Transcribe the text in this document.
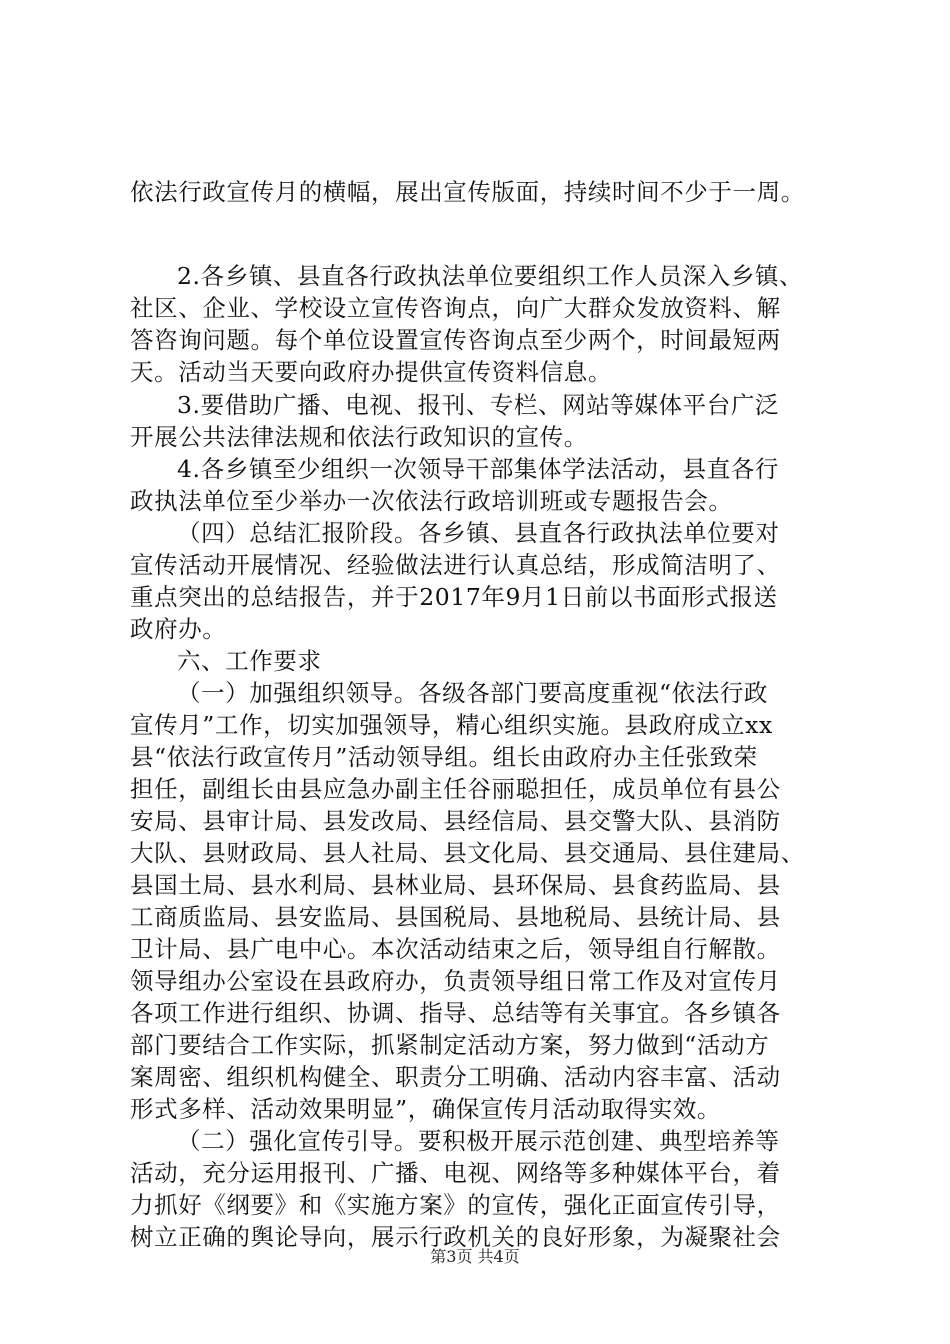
依法行政宣传月的横幅，展出宣传版面，持续时间不少于一周。
2.各乡镇、县直各行政执法单位要组织工作人员深入乡镇、
社区、企业、学校设立宣传咨询点，向广大群众发放资料、解
答咨询问题。每个单位设置宣传咨询点至少两个，时间最短两
天。活动当天要向政府办提供宣传资料信息。
3.要借助广播、电视、报刊、专栏、网站等媒体平台广泛
开展公共法律法规和依法行政知识的宣传。
4.各乡镇至少组织一次领导干部集体学法活动，县直各行
政执法单位至少举办一次依法行政培训班或专题报告会。
（四）总结汇报阶段。各乡镇、县直各行政执法单位要对
宣传活动开展情况、经验做法进行认真总结，形成简洁明了、
重点突出的总结报告，并于2017年9月1日前以书面形式报送
政府办。
六、工作要求
（一）加强组织领导。各级各部门要高度重视“依法行政
宣传月”工作，切实加强领导，精心组织实施。县政府成立xx
县“依法行政宣传月”活动领导组。组长由政府办主任张致荣
担任，副组长由县应急办副主任谷丽聪担任，成员单位有县公
安局、县审计局、县发改局、县经信局、县交警大队、县消防
大队、县财政局、县人社局、县文化局、县交通局、县住建局、
县国土局、县水利局、县林业局、县环保局、县食药监局、县
工商质监局、县安监局、县国税局、县地税局、县统计局、县
卫计局、县广电中心。本次活动结束之后，领导组自行解散。
领导组办公室设在县政府办，负责领导组日常工作及对宣传月
各项工作进行组织、协调、指导、总结等有关事宜。各乡镇各
部门要结合工作实际，抓紧制定活动方案，努力做到“活动方
案周密、组织机构健全、职责分工明确、活动内容丰富、活动
形式多样、活动效果明显”，确保宣传月活动取得实效。
（二）强化宣传引导。要积极开展示范创建、典型培养等
活动，充分运用报刊、广播、电视、网络等多种媒体平台，着
力抓好《纲要》和《实施方案》的宣传，强化正面宣传引导，
树立正确的舆论导向，展示行政机关的良好形象，为凝聚社会
第3页 共4页
